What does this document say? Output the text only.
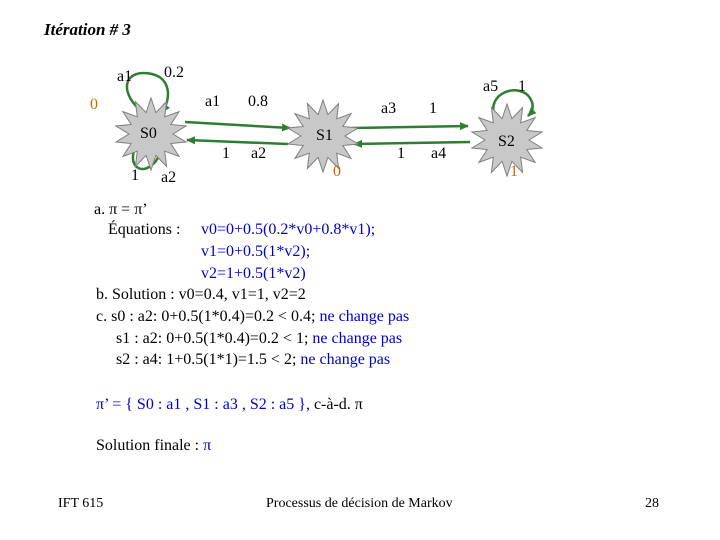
Itération # 3
S0	S1	S2
0
0	1
a1 0.2
a1 0.8
1 a2
1 a2
a3 1
1 a4
a5 1
a. π = π’
Équations : v0=0+0.5(0.2*v0+0.8*v1);
v1=0+0.5(1*v2);
v2=1+0.5(1*v2)
b. Solution : v0=0.4, v1=1, v2=2
c. s0 : a2: 0+0.5(1*0.4)=0.2 < 0.4; ne change pas
s1 : a2: 0+0.5(1*0.4)=0.2 < 1; ne change pas
s2 : a4: 1+0.5(1*1)=1.5 < 2; ne change pas
π’ = { S0 : a1 , S1 : a3 , S2 : a5 }, c-à-d. π
Solution finale : π
IFT 615	Processus de décision de Markov	28
